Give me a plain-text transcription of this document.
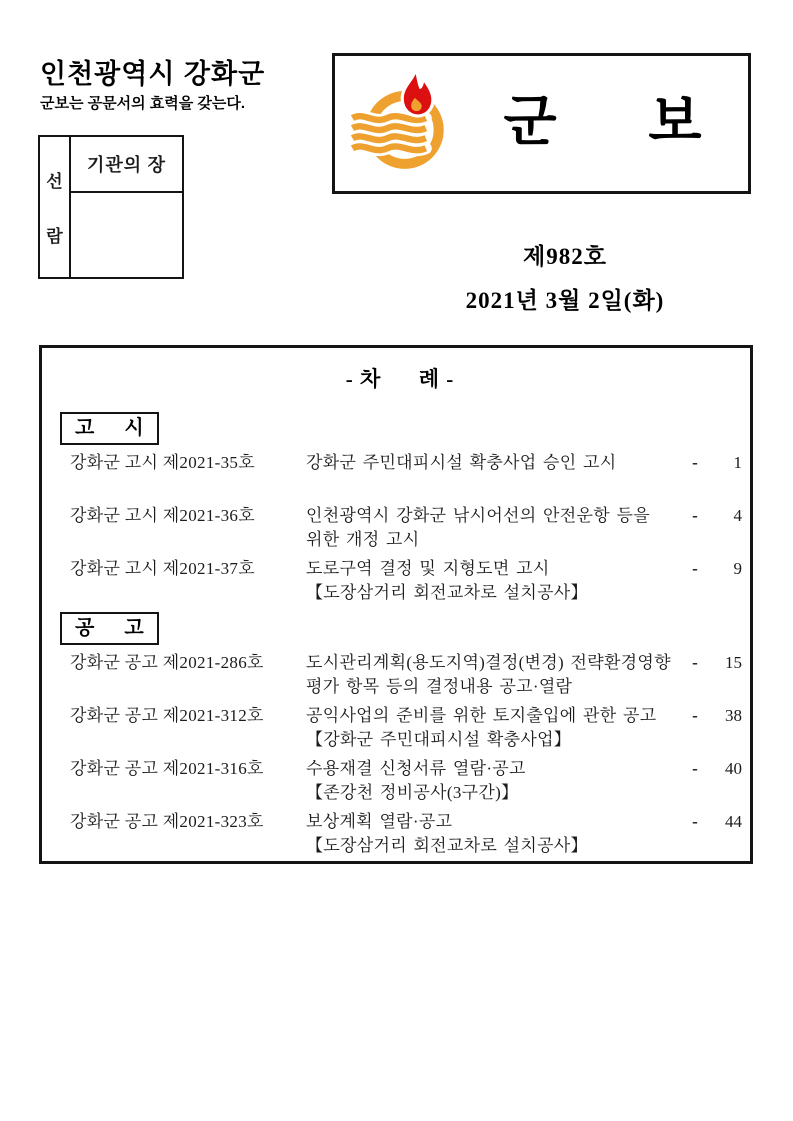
인천광역시 강화군
군보는 공문서의 효력을 갖는다.
선
람
기관의 장
군      보
제982호
2021년 3월 2일(화)
- 차      례 -
고      시
강화군 고시 제2021-35호	강화군 주민대피시설 확충사업 승인 고시	-	1
강화군 고시 제2021-36호	인천광역시 강화군 낚시어선의 안전운항 등을
위한 개정 고시
-	4
강화군 고시 제2021-37호	도로구역 결정 및 지형도면 고시
【도장삼거리 회전교차로 설치공사】
-	9
공      고
강화군 공고 제2021-286호	도시관리계획(용도지역)결정(변경) 전략환경영향
평가 항목 등의 결정내용 공고·열람
-	15
강화군 공고 제2021-312호	공익사업의 준비를 위한 토지출입에 관한 공고
【강화군 주민대피시설 확충사업】
-	38
강화군 공고 제2021-316호	수용재결 신청서류 열람·공고
【존강천 정비공사(3구간)】
-	40
강화군 공고 제2021-323호	보상계획 열람·공고
【도장삼거리 회전교차로 설치공사】
-	44
